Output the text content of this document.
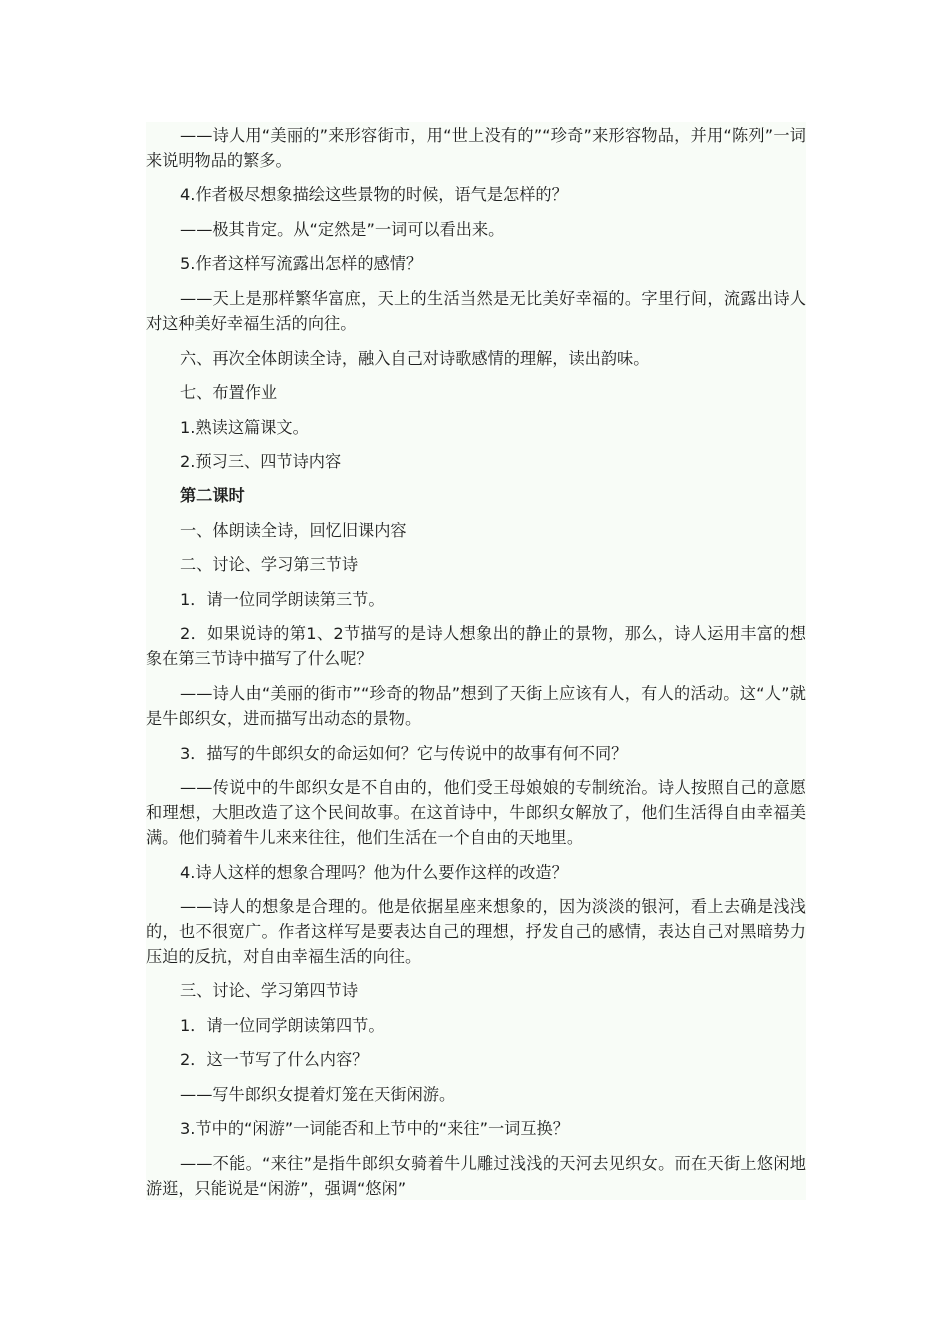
——诗人用“美丽的”来形容街市，用“世上没有的”“珍奇”来形容物品，并用“陈列”一词来说明物品的繁多。

4.作者极尽想象描绘这些景物的时候，语气是怎样的？

——极其肯定。从“定然是”一词可以看出来。

5.作者这样写流露出怎样的感情？

——天上是那样繁华富庶，天上的生活当然是无比美好幸福的。字里行间，流露出诗人对这种美好幸福生活的向往。

六、再次全体朗读全诗，融入自己对诗歌感情的理解，读出韵味。

七、布置作业

1.熟读这篇课文。

2.预习三、四节诗内容

第二课时

一、体朗读全诗，回忆旧课内容

二、讨论、学习第三节诗

1．请一位同学朗读第三节。

2．如果说诗的第1、2节描写的是诗人想象出的静止的景物，那么，诗人运用丰富的想象在第三节诗中描写了什么呢？

——诗人由“美丽的街市”“珍奇的物品”想到了天街上应该有人，有人的活动。这“人”就是牛郎织女，进而描写出动态的景物。

3．描写的牛郎织女的命运如何？它与传说中的故事有何不同？

——传说中的牛郎织女是不自由的，他们受王母娘娘的专制统治。诗人按照自己的意愿和理想，大胆改造了这个民间故事。在这首诗中，牛郎织女解放了，他们生活得自由幸福美满。他们骑着牛儿来来往往，他们生活在一个自由的天地里。

4.诗人这样的想象合理吗？他为什么要作这样的改造？

——诗人的想象是合理的。他是依据星座来想象的，因为淡淡的银河，看上去确是浅浅的，也不很宽广。作者这样写是要表达自己的理想，抒发自己的感情，表达自己对黑暗势力压迫的反抗，对自由幸福生活的向往。

三、讨论、学习第四节诗

1．请一位同学朗读第四节。

2．这一节写了什么内容？

——写牛郎织女提着灯笼在天街闲游。

3.节中的“闲游”一词能否和上节中的“来往”一词互换？

——不能。“来往”是指牛郎织女骑着牛儿雕过浅浅的天河去见织女。而在天街上悠闲地游逛，只能说是“闲游”，强调“悠闲”
